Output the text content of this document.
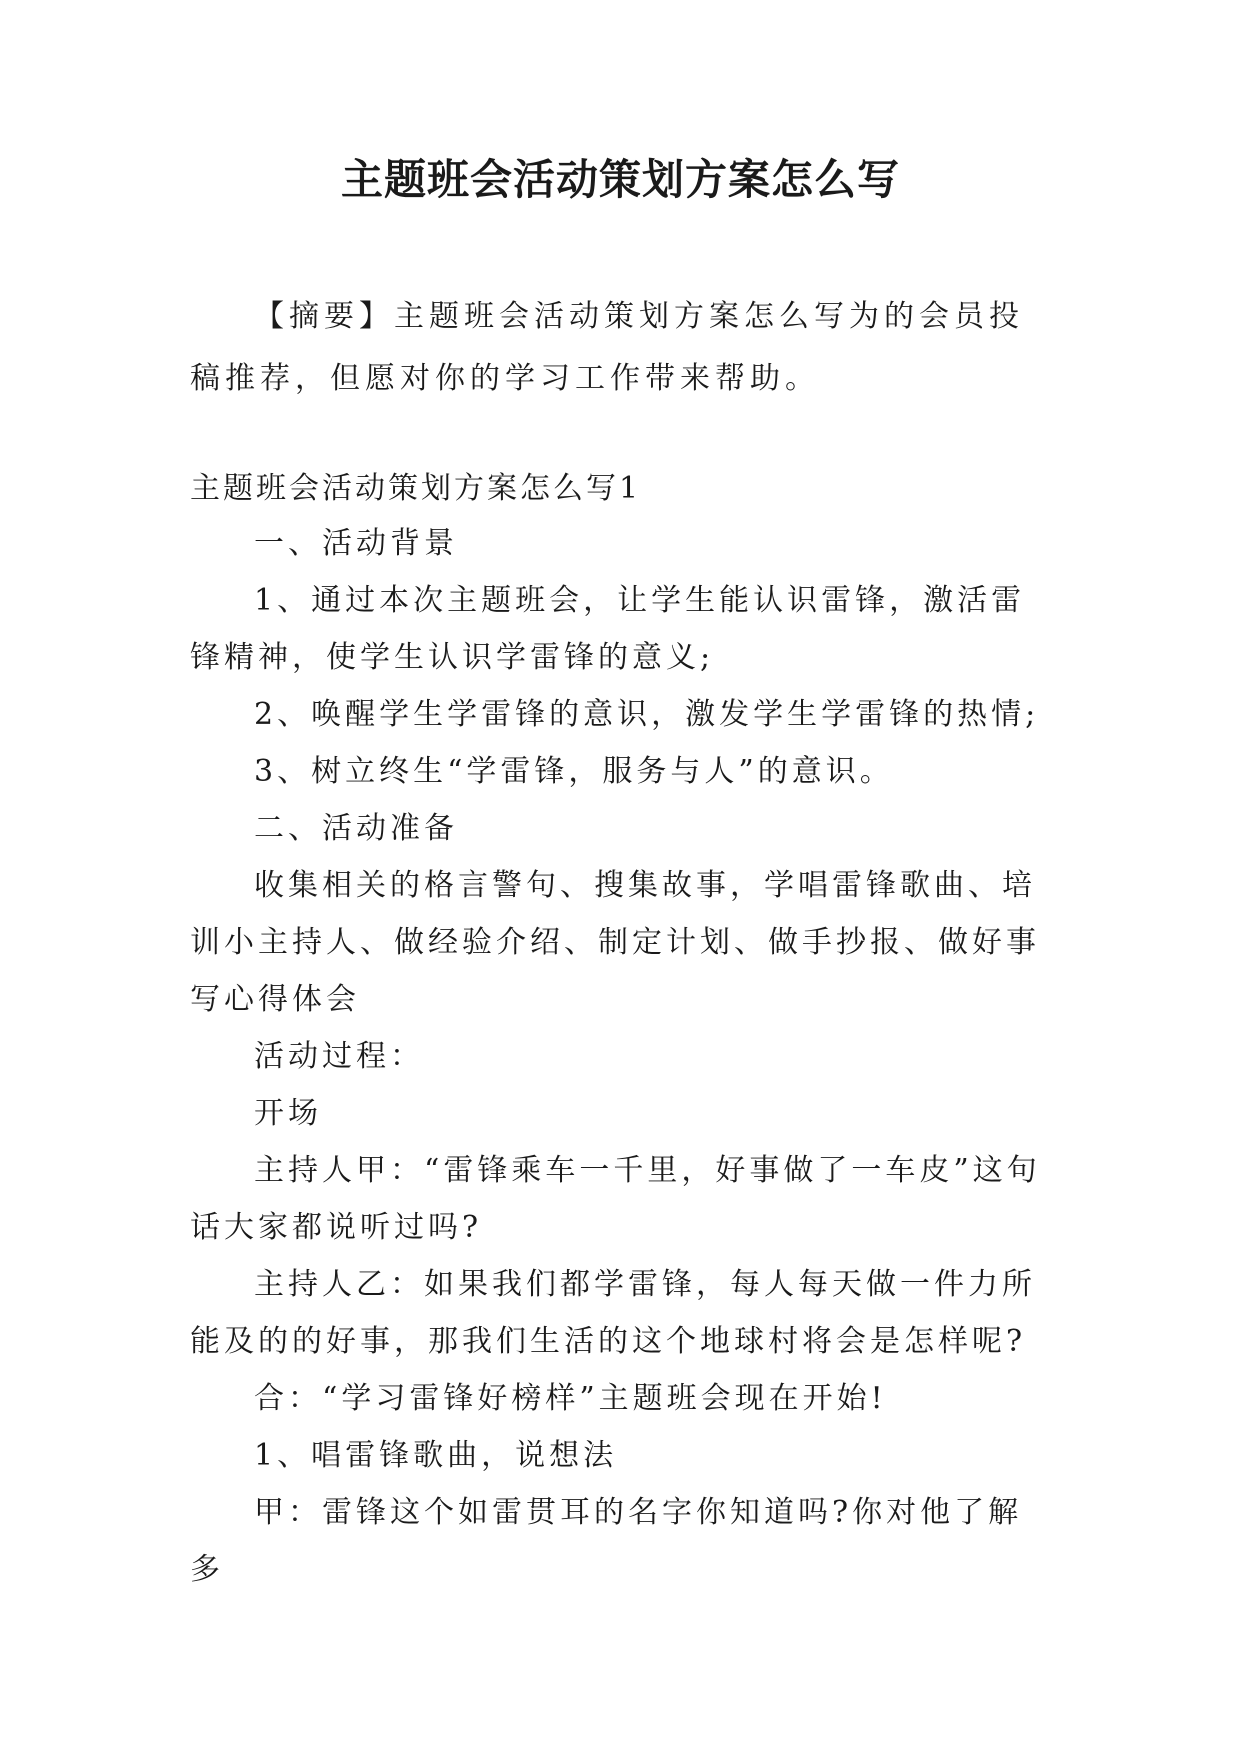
主题班会活动策划方案怎么写
【摘要】主题班会活动策划方案怎么写为的会员投稿推荐，但愿对你的学习工作带来帮助。
主题班会活动策划方案怎么写1

一、活动背景

1、通过本次主题班会，让学生能认识雷锋，激活雷锋精神，使学生认识学雷锋的意义;

2、唤醒学生学雷锋的意识，激发学生学雷锋的热情;

3、树立终生“学雷锋，服务与人”的意识。

二、活动准备

收集相关的格言警句、搜集故事，学唱雷锋歌曲、培训小主持人、做经验介绍、制定计划、做手抄报、做好事写心得体会

活动过程：

开场

主持人甲：“雷锋乘车一千里，好事做了一车皮”这句话大家都说听过吗?

主持人乙：如果我们都学雷锋，每人每天做一件力所能及的的好事，那我们生活的这个地球村将会是怎样呢?

合：“学习雷锋好榜样”主题班会现在开始!

1、唱雷锋歌曲，说想法

甲：雷锋这个如雷贯耳的名字你知道吗?你对他了解多
